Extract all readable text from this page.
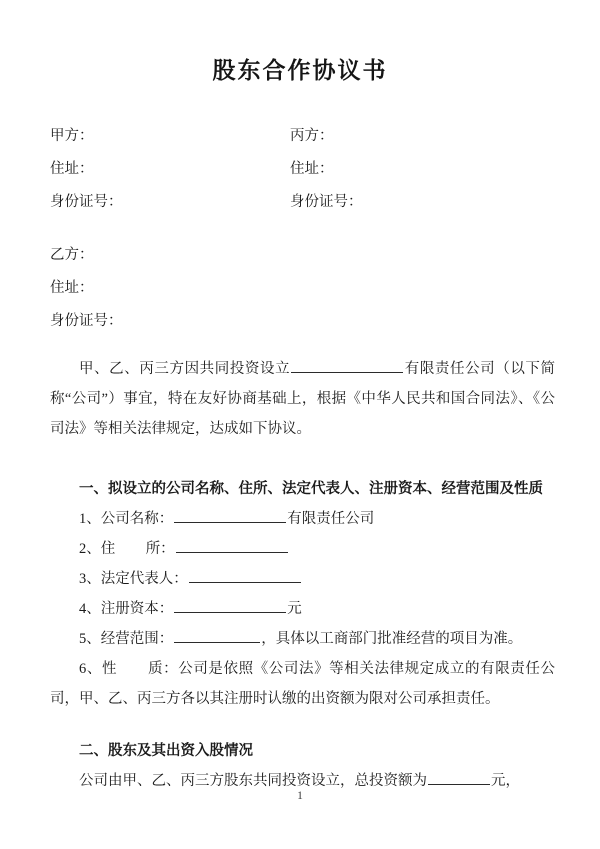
股东合作协议书
甲方：	丙方：
住址：	住址：
身份证号：	身份证号：
乙方：
住址：
身份证号：

甲、乙、丙三方因共同投资设立	有限责任公司（以下简称“公司”）事宜，特在友好协商基础上，根据《中华人民共和国合同法》、《公司法》等相关法律规定，达成如下协议。

一、拟设立的公司名称、住所、法定代表人、注册资本、经营范围及性质
1、公司名称：	有限责任公司
2、住 所：
3、法定代表人：
4、注册资本：	元
5、经营范围：	，具体以工商部门批准经营的项目为准。
6、性 质：公司是依照《公司法》等相关法律规定成立的有限责任公司，甲、乙、丙三方各以其注册时认缴的出资额为限对公司承担责任。
二、股东及其出资入股情况

公司由甲、乙、丙三方股东共同投资设立，总投资额为	元，

1
